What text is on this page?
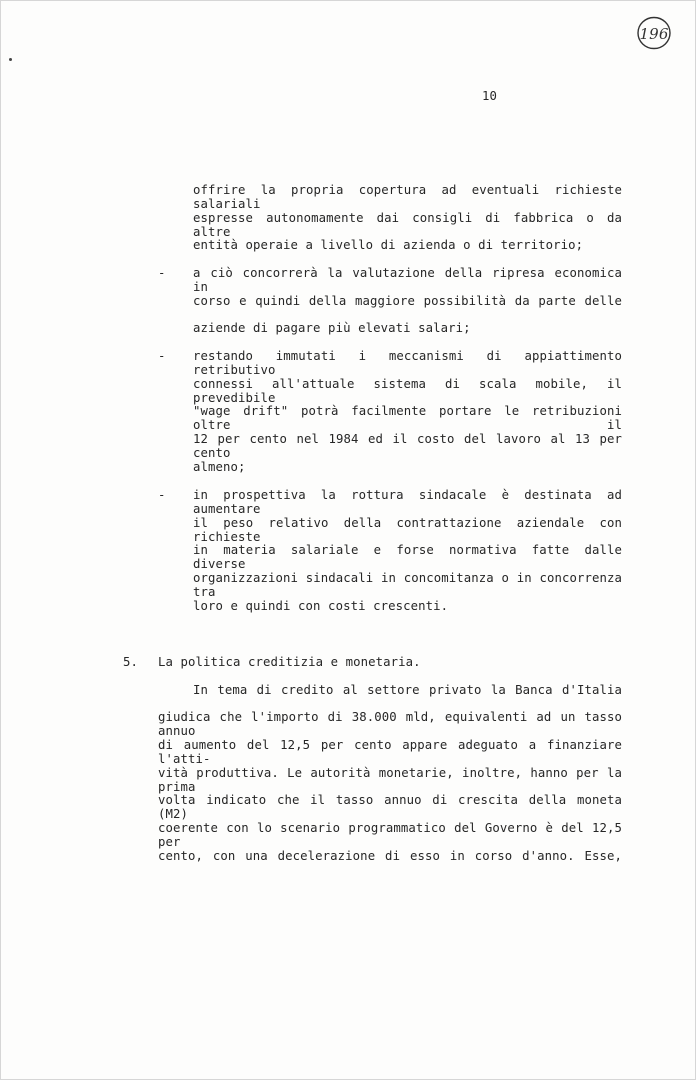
196
10
offrire la propria copertura ad eventuali richieste salariali
espresse autonomamente dai consigli di fabbrica o da altre
entità operaie a livello di azienda o di territorio;
- a ciò concorrerà la valutazione della ripresa economica in
corso e quindi della maggiore possibilità da parte delle
aziende di pagare più elevati salari;
- restando immutati i meccanismi di appiattimento retributivo
connessi all'attuale sistema di scala mobile, il prevedibile
"wage drift" potrà facilmente portare le retribuzioni oltre il
12 per cento nel 1984 ed il costo del lavoro al 13 per cento
almeno;
- in prospettiva la rottura sindacale è destinata ad aumentare
il peso relativo della contrattazione aziendale con richieste
in materia salariale e forse normativa fatte dalle diverse
organizzazioni sindacali in concomitanza o in concorrenza tra
loro e quindi con costi crescenti.
5. La politica creditizia e monetaria.
In tema di credito al settore privato la Banca d'Italia
giudica che l'importo di 38.000 mld, equivalenti ad un tasso annuo
di aumento del 12,5 per cento appare adeguato a finanziare l'atti-
vità produttiva. Le autorità monetarie, inoltre, hanno per la prima
volta indicato che il tasso annuo di crescita della moneta (M2)
coerente con lo scenario programmatico del Governo è del 12,5 per
cento, con una decelerazione di esso in corso d'anno. Esse,
